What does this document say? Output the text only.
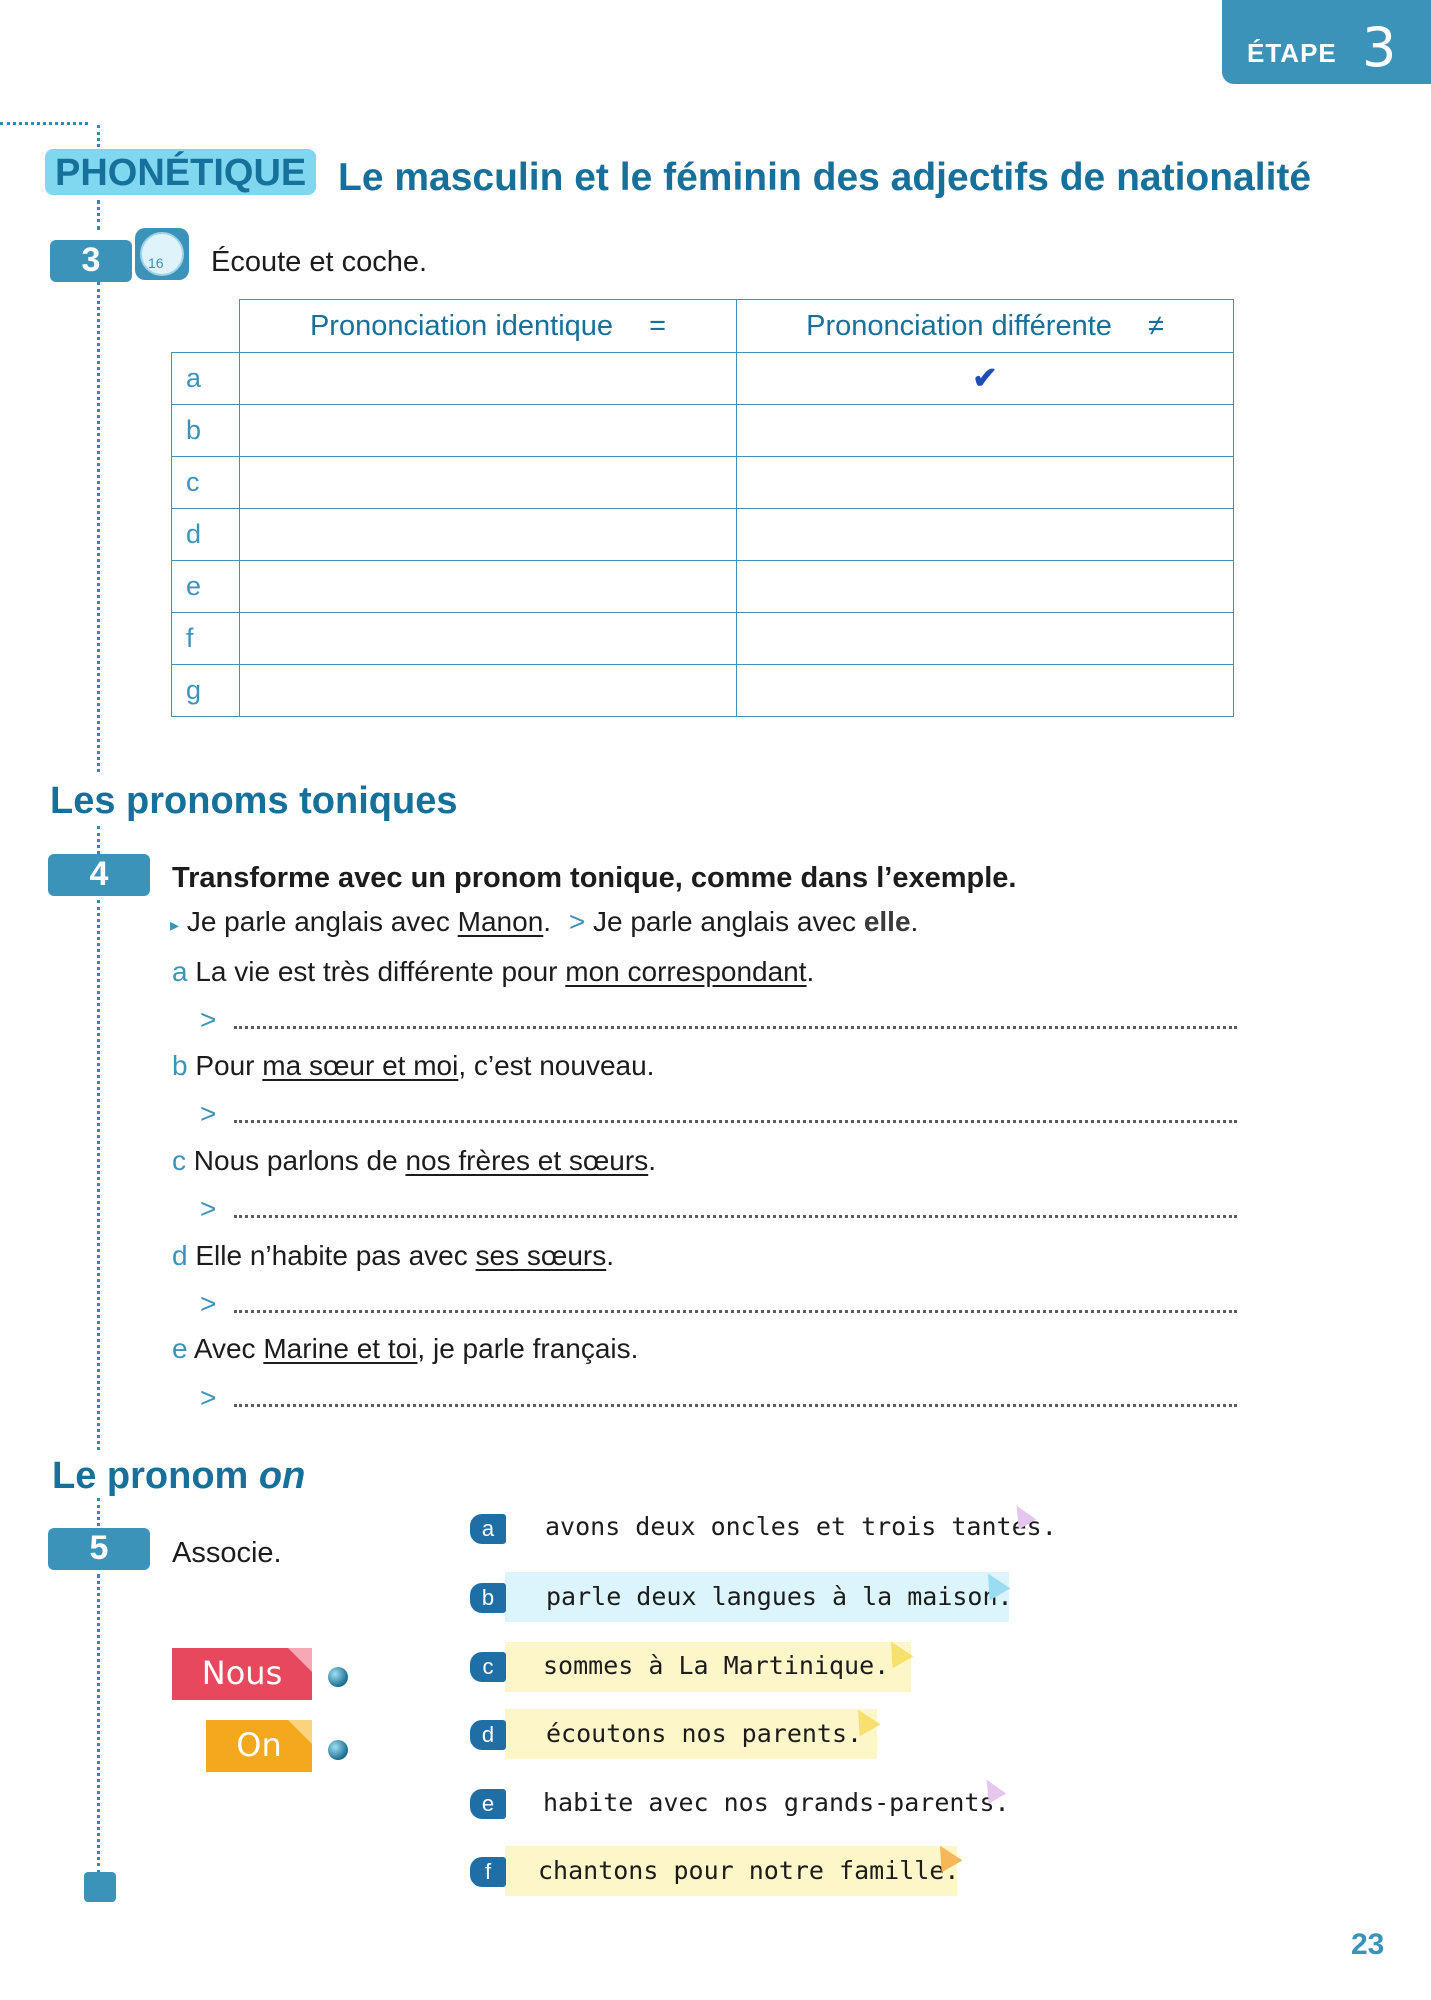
ÉTAPE 3
PHONÉTIQUE Le masculin et le féminin des adjectifs de nationalité
3	16 Écoute et coche.
	Prononciation identique =	Prononciation différente ≠
a		✔
b		
c		
d		
e		
f		
g		
Les pronoms toniques
4	Transforme avec un pronom tonique, comme dans l’exemple.
▸ Je parle anglais avec Manon. > Je parle anglais avec elle.
a La vie est très différente pour mon correspondant.
>
b Pour ma sœur et moi, c’est nouveau.
>
c Nous parlons de nos frères et sœurs.
>
d Elle n’habite pas avec ses sœurs.
>
e Avec Marine et toi, je parle français.
>
Le pronom on
5	Associe.
Nous
On
a	avons deux oncles et trois tantes.
b	parle deux langues à la maison.
c	sommes à La Martinique.
d	écoutons nos parents.
e	habite avec nos grands-parents.
f	chantons pour notre famille.
23
